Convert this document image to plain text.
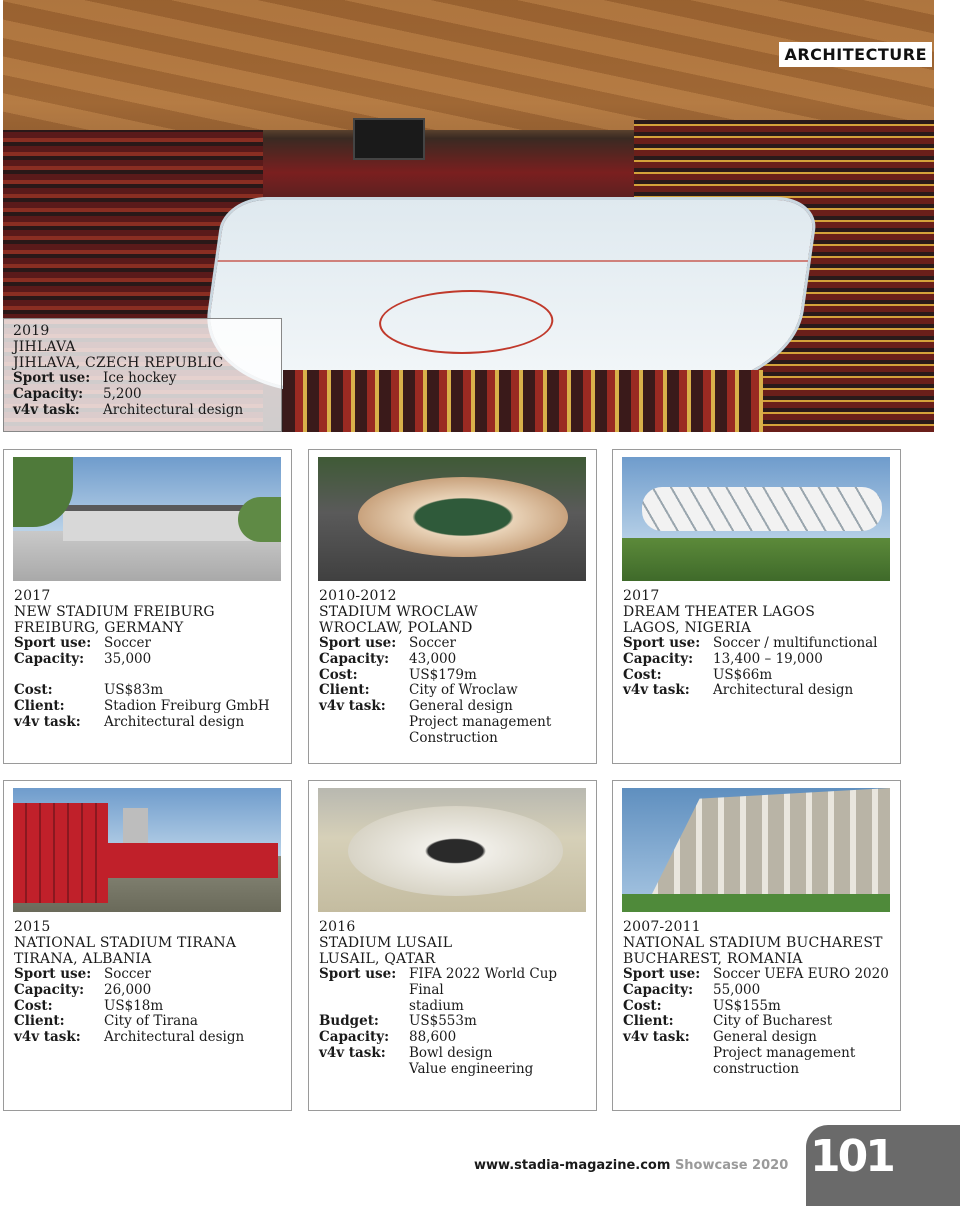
ARCHITECTURE
2019
JIHLAVA
JIHLAVA, CZECH REPUBLIC
Sport use: Ice hockey
Capacity:	5,200
v4v task:	Architectural design
2017
NEW STADIUM FREIBURG
FREIBURG, GERMANY
Sport use: Soccer
Capacity:	35,000
Cost:	US$83m
Client:	Stadion Freiburg GmbH
v4v task:	Architectural design
2010-2012
STADIUM WROCLAW
WROCLAW, POLAND
Sport use: Soccer
Capacity:	43,000
Cost:	US$179m
Client:	City of Wroclaw
v4v task:	General design
Project management
Construction
2017
DREAM THEATER LAGOS
LAGOS, NIGERIA
Sport use: Soccer / multifunctional
Capacity:	13,400 – 19,000
Cost:	US$66m
v4v task:	Architectural design
2015
NATIONAL STADIUM TIRANA
TIRANA, ALBANIA
Sport use: Soccer
Capacity:	26,000
Cost:	US$18m
Client:	City of Tirana
v4v task:	Architectural design
2016
STADIUM LUSAIL
LUSAIL, QATAR
Sport use: FIFA 2022 World Cup Final
stadium
Budget:	US$553m
Capacity:	88,600
v4v task:	Bowl design
Value engineering
2007-2011
NATIONAL STADIUM BUCHAREST
BUCHAREST, ROMANIA
Sport use: Soccer UEFA EURO 2020
Capacity:	55,000
Cost:	US$155m
Client:	City of Bucharest
v4v task:	General design
Project management
construction
www.stadia-magazine.com Showcase 2020 101
